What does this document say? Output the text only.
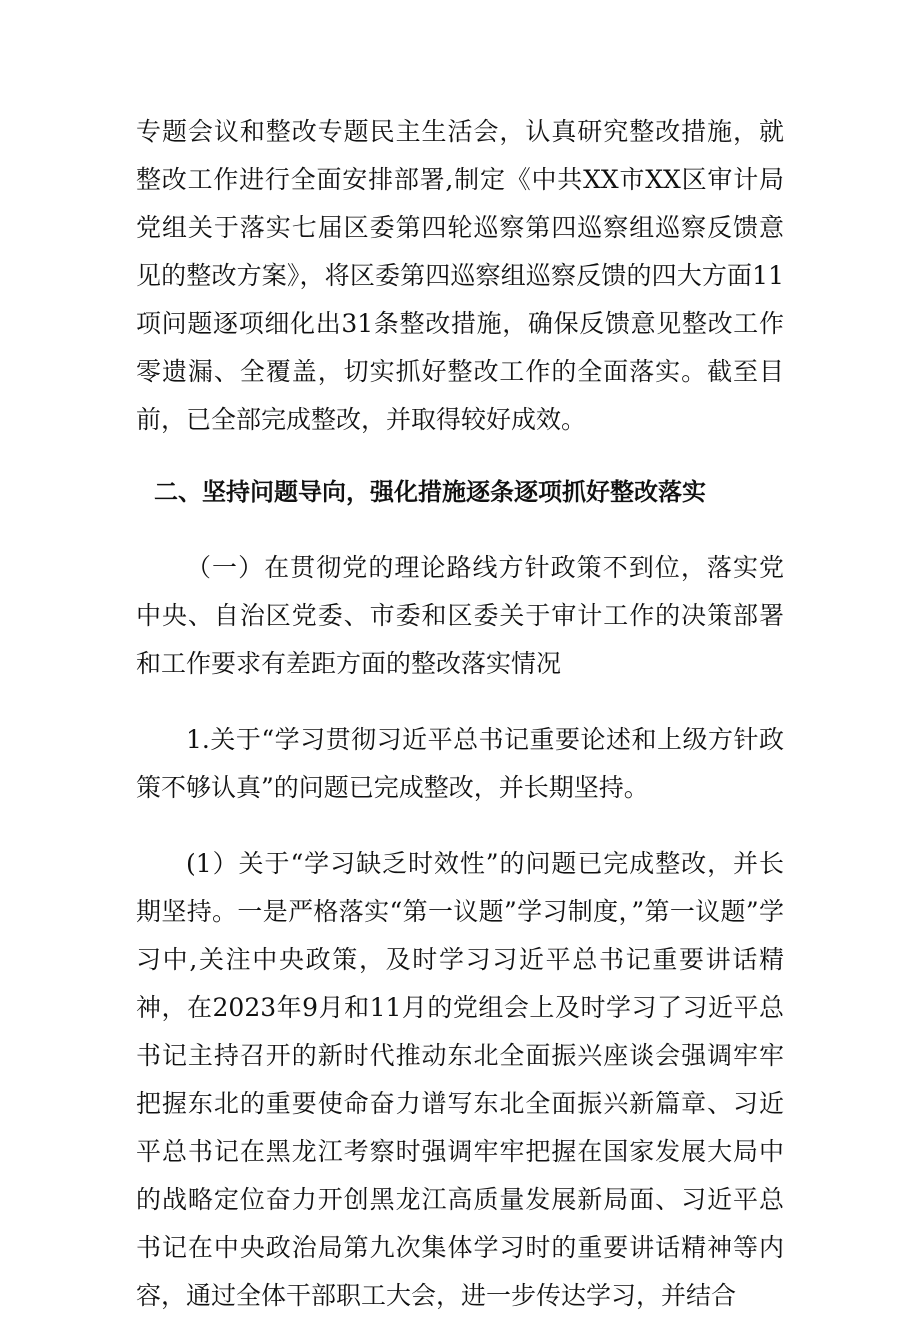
专题会议和整改专题民主生活会，认真研究整改措施，就整改工作进行全面安排部署,制定《中共XX市XX区审计局党组关于落实七届区委第四轮巡察第四巡察组巡察反馈意见的整改方案》，将区委第四巡察组巡察反馈的四大方面11项问题逐项细化出31条整改措施，确保反馈意见整改工作零遗漏、全覆盖，切实抓好整改工作的全面落实。截至目前，已全部完成整改，并取得较好成效。

二、坚持问题导向，强化措施逐条逐项抓好整改落实

（一）在贯彻党的理论路线方针政策不到位，落实党中央、自治区党委、市委和区委关于审计工作的决策部署和工作要求有差距方面的整改落实情况

1.关于“学习贯彻习近平总书记重要论述和上级方针政策不够认真”的问题已完成整改，并长期坚持。

(1）关于“学习缺乏时效性”的问题已完成整改，并长期坚持。一是严格落实“第一议题”学习制度，”第一议题”学习中,关注中央政策，及时学习习近平总书记重要讲话精神，在2023年9月和11月的党组会上及时学习了习近平总书记主持召开的新时代推动东北全面振兴座谈会强调牢牢把握东北的重要使命奋力谱写东北全面振兴新篇章、习近平总书记在黑龙江考察时强调牢牢把握在国家发展大局中的战略定位奋力开创黑龙江高质量发展新局面、习近平总书记在中央政治局第九次集体学习时的重要讲话精神等内容，通过全体干部职工大会，进一步传达学习，并结合
